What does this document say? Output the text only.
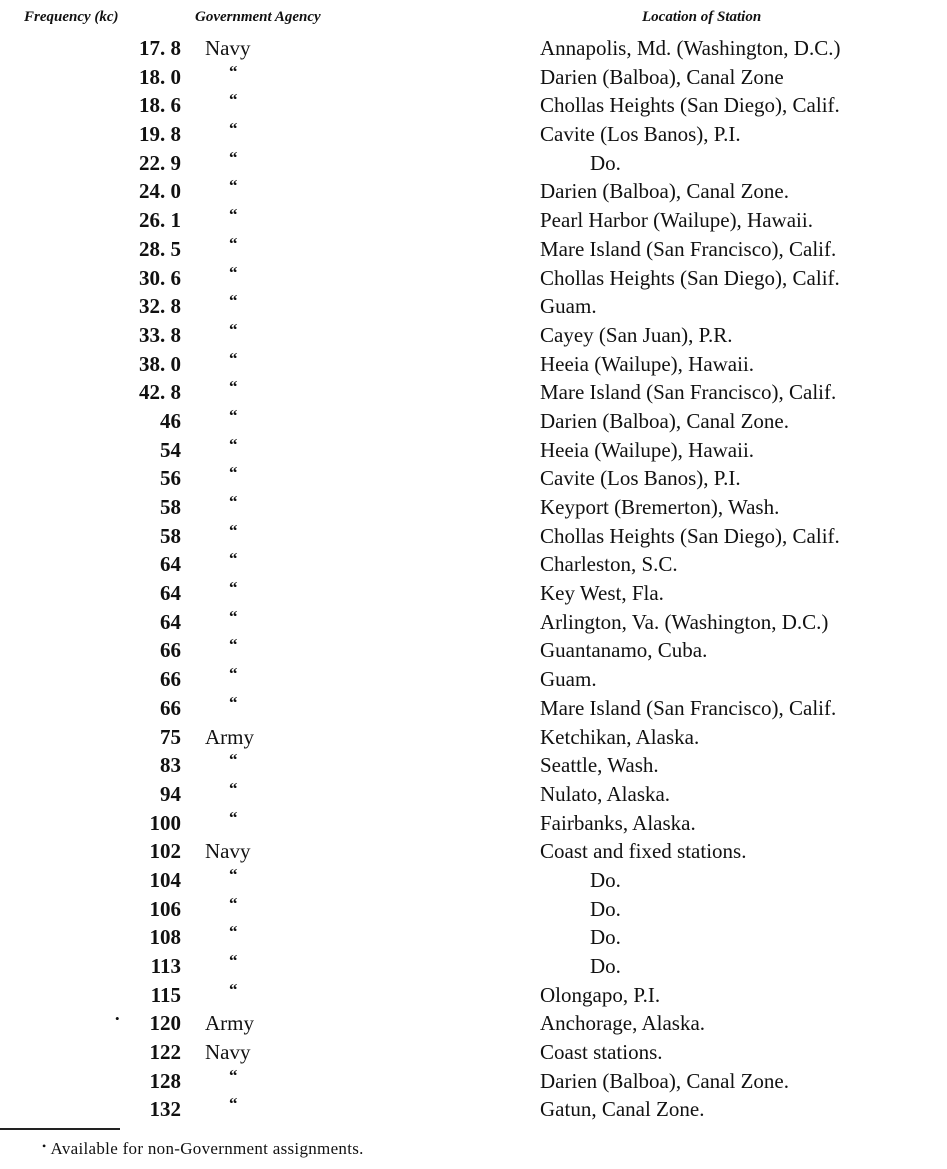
Frequency (kc)	Government Agency	Location of Station
17. 8 Navy	Annapolis, Md. (Washington, D.C.)
18. 0	“	Darien (Balboa), Canal Zone
18. 6	“	Chollas Heights (San Diego), Calif.
19. 8	“	Cavite (Los Banos), P.I.
22. 9	“	Do.
24. 0	“	Darien (Balboa), Canal Zone.
26. 1	“	Pearl Harbor (Wailupe), Hawaii.
28. 5	“	Mare Island (San Francisco), Calif.
30. 6	“	Chollas Heights (San Diego), Calif.
32. 8	“	Guam.
33. 8	“	Cayey (San Juan), P.R.
38. 0	“	Heeia (Wailupe), Hawaii.
42. 8	“	Mare Island (San Francisco), Calif.
46	“	Darien (Balboa), Canal Zone.
54	“	Heeia (Wailupe), Hawaii.
56	“	Cavite (Los Banos), P.I.
58	“	Keyport (Bremerton), Wash.
58	“	Chollas Heights (San Diego), Calif.
64	“	Charleston, S.C.
64	“	Key West, Fla.
64	“	Arlington, Va. (Washington, D.C.)
66	“	Guantanamo, Cuba.
66	“	Guam.
66	“	Mare Island (San Francisco), Calif.
75 Army	Ketchikan, Alaska.
83	“	Seattle, Wash.
94	“	Nulato, Alaska.
100	“	Fairbanks, Alaska.
102 Navy	Coast and fixed stations.
104	“	Do.
106	“	Do.
108	“	Do.
113	“	Do.
115	“	Olongapo, P.I.
• 120 Army	Anchorage, Alaska.
122 Navy	Coast stations.
128	“	Darien (Balboa), Canal Zone.
132	“	Gatun, Canal Zone.
• Available for non-Government assignments.
